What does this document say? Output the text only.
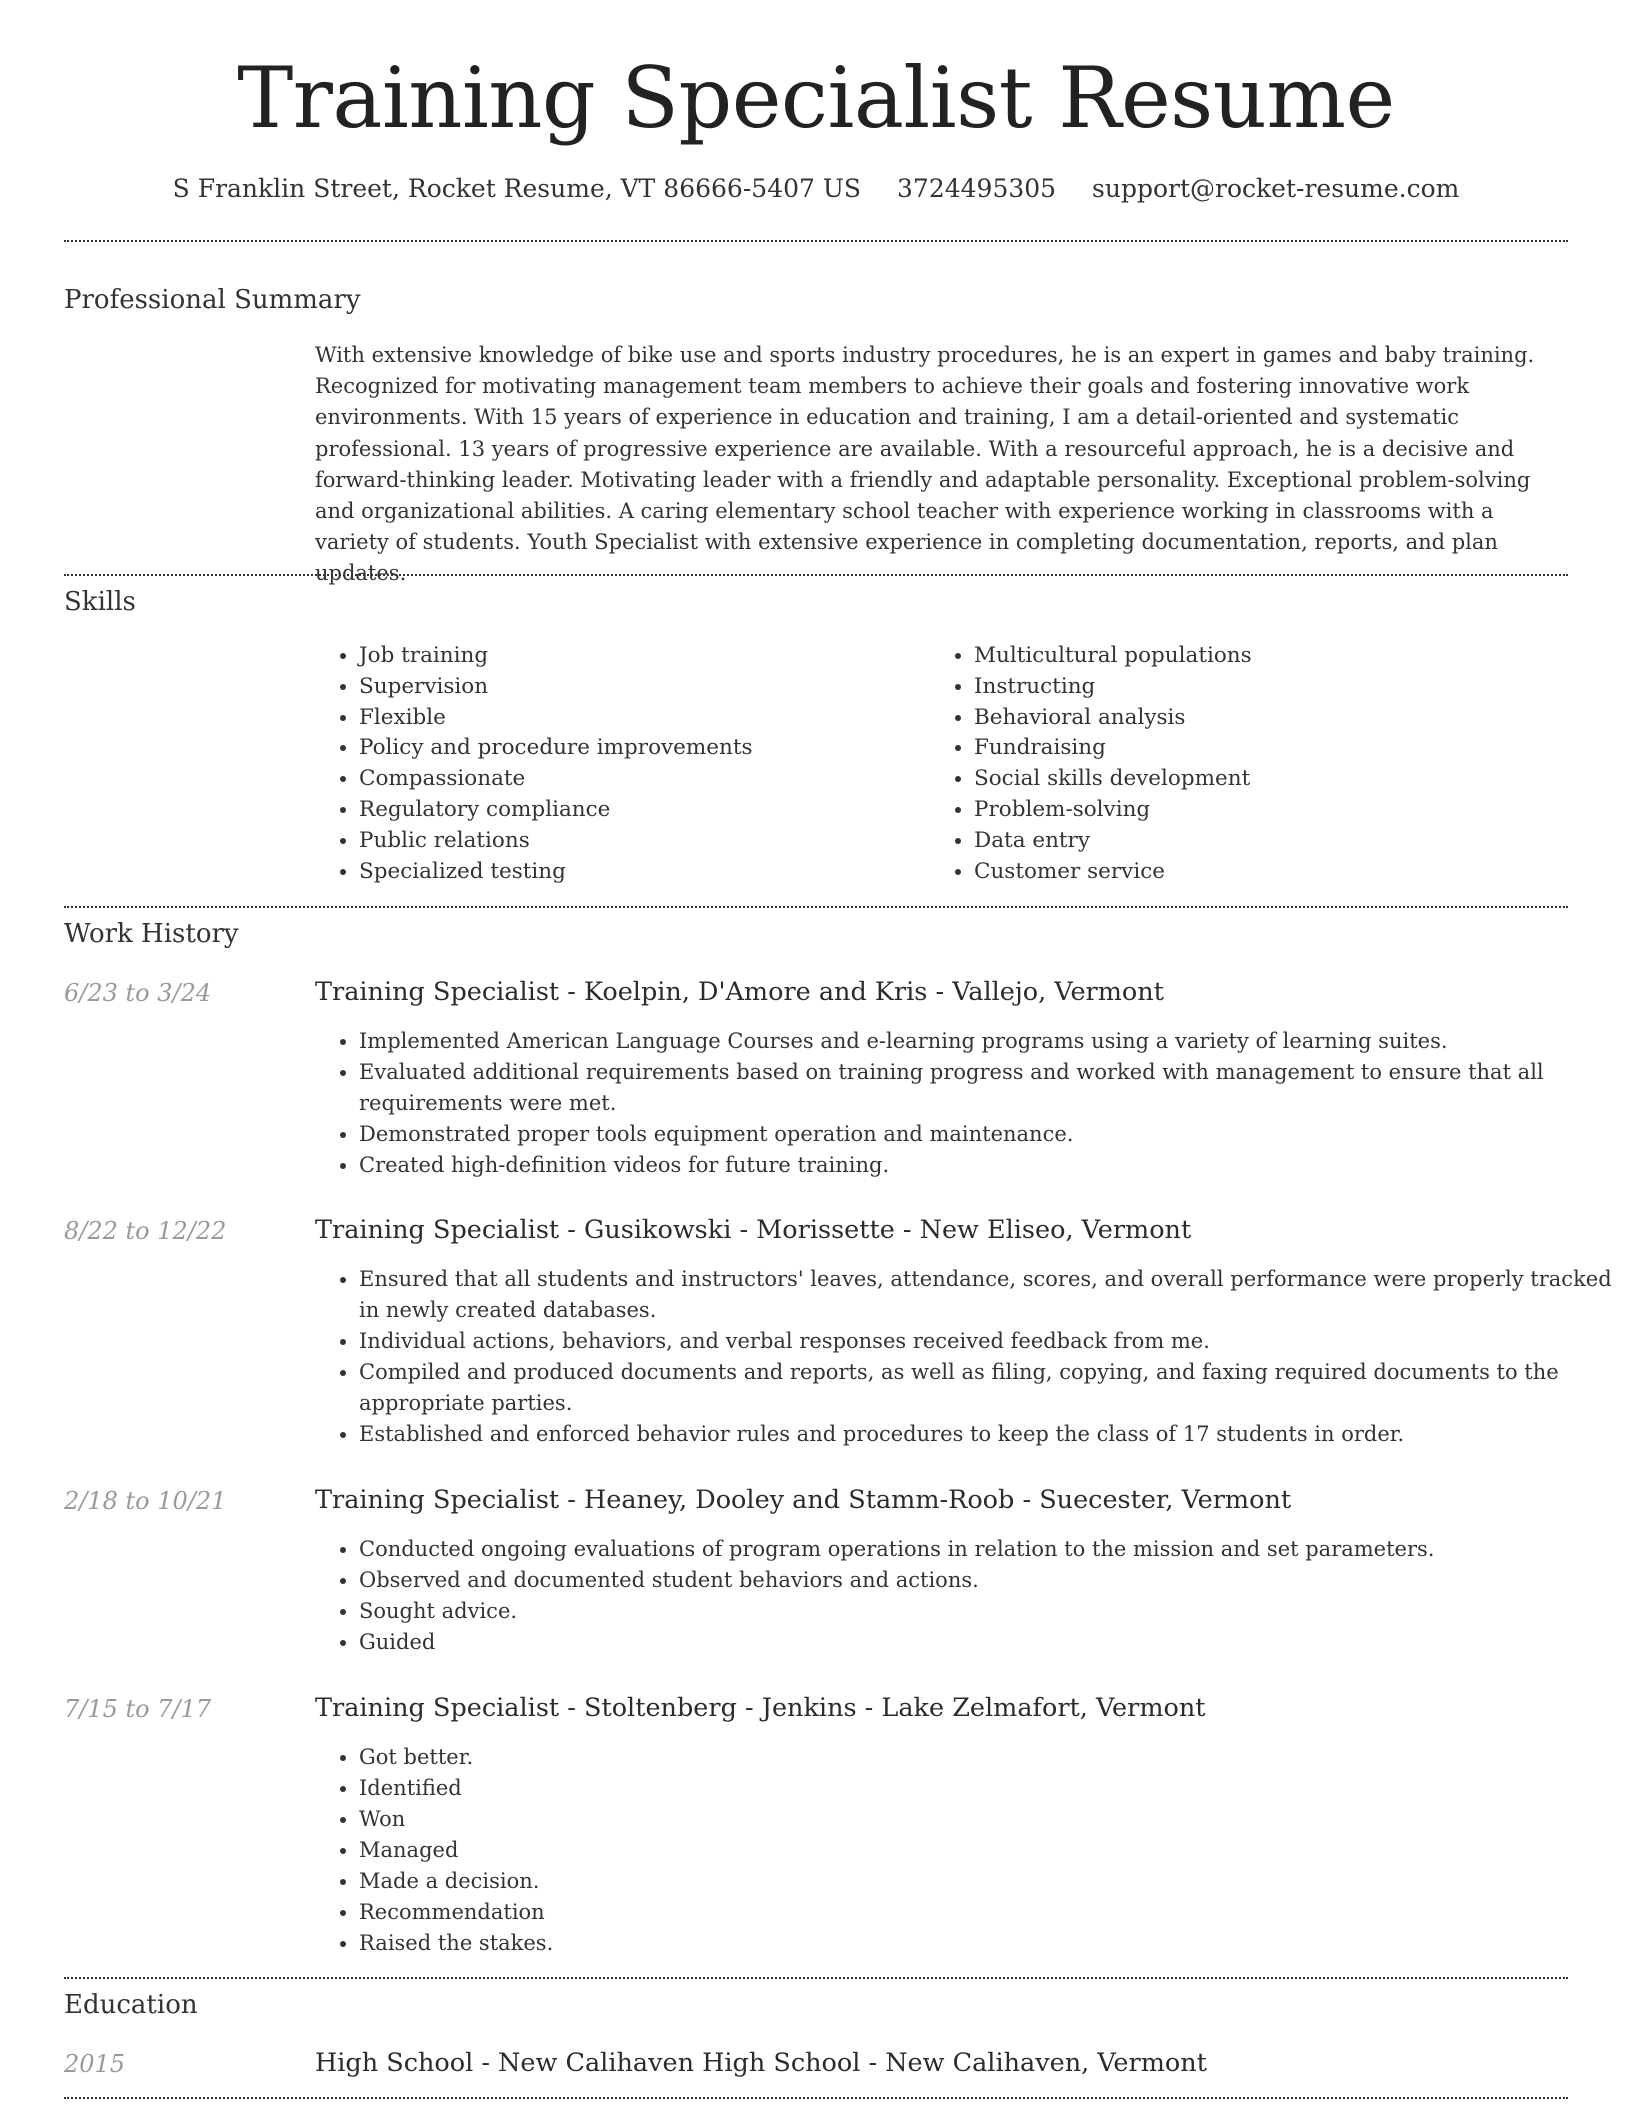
Training Specialist Resume
S Franklin Street, Rocket Resume, VT 86666-5407 US 3724495305 support@rocket-resume.com
Professional Summary
With extensive knowledge of bike use and sports industry procedures, he is an expert in games and baby training. Recognized for motivating management team members to achieve their goals and fostering innovative work environments. With 15 years of experience in education and training, I am a detail-oriented and systematic professional. 13 years of progressive experience are available. With a resourceful approach, he is a decisive and forward-thinking leader. Motivating leader with a friendly and adaptable personality. Exceptional problem-solving and organizational abilities. A caring elementary school teacher with experience working in classrooms with a variety of students. Youth Specialist with extensive experience in completing documentation, reports, and plan updates.
Skills
• Job training
• Supervision
• Flexible
• Policy and procedure improvements
• Compassionate
• Regulatory compliance
• Public relations
• Specialized testing
• Multicultural populations
• Instructing
• Behavioral analysis
• Fundraising
• Social skills development
• Problem-solving
• Data entry
• Customer service
Work History
6/23 to 3/24	Training Specialist - Koelpin, D'Amore and Kris - Vallejo, Vermont
• Implemented American Language Courses and e-learning programs using a variety of learning suites.
• Evaluated additional requirements based on training progress and worked with management to ensure that all requirements were met.
• Demonstrated proper tools equipment operation and maintenance.
• Created high-definition videos for future training.
8/22 to 12/22	Training Specialist - Gusikowski - Morissette - New Eliseo, Vermont
• Ensured that all students and instructors' leaves, attendance, scores, and overall performance were properly tracked in newly created databases.
• Individual actions, behaviors, and verbal responses received feedback from me.
• Compiled and produced documents and reports, as well as filing, copying, and faxing required documents to the appropriate parties.
• Established and enforced behavior rules and procedures to keep the class of 17 students in order.
2/18 to 10/21	Training Specialist - Heaney, Dooley and Stamm-Roob - Suecester, Vermont
• Conducted ongoing evaluations of program operations in relation to the mission and set parameters.
• Observed and documented student behaviors and actions.
• Sought advice.
• Guided
7/15 to 7/17	Training Specialist - Stoltenberg - Jenkins - Lake Zelmafort, Vermont
• Got better.
• Identified
• Won
• Managed
• Made a decision.
• Recommendation
• Raised the stakes.
Education
2015	High School - New Calihaven High School - New Calihaven, Vermont
